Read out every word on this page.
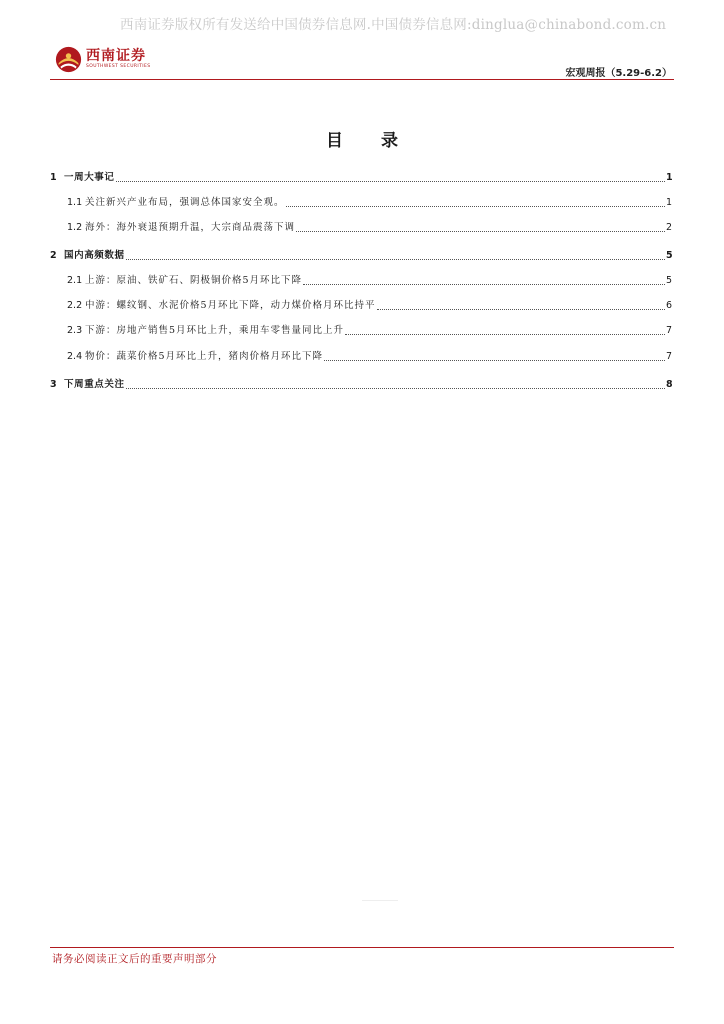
西南证券版权所有发送给中国债券信息网.中国债券信息网:dinglua@chinabond.com.cn
西南证券
SOUTHWEST SECURITIES
宏观周报（5.29-6.2）
目 录
1 一周大事记	1
1.1 关注新兴产业布局，强调总体国家安全观。	1
1.2 海外：海外衰退预期升温，大宗商品震荡下调	2
2 国内高频数据	5
2.1 上游：原油、铁矿石、阴极铜价格5月环比下降	5
2.2 中游：螺纹钢、水泥价格5月环比下降，动力煤价格月环比持平	6
2.3 下游：房地产销售5月环比上升，乘用车零售量同比上升	7
2.4 物价：蔬菜价格5月环比上升，猪肉价格月环比下降	7
3 下周重点关注	8
请务必阅读正文后的重要声明部分
